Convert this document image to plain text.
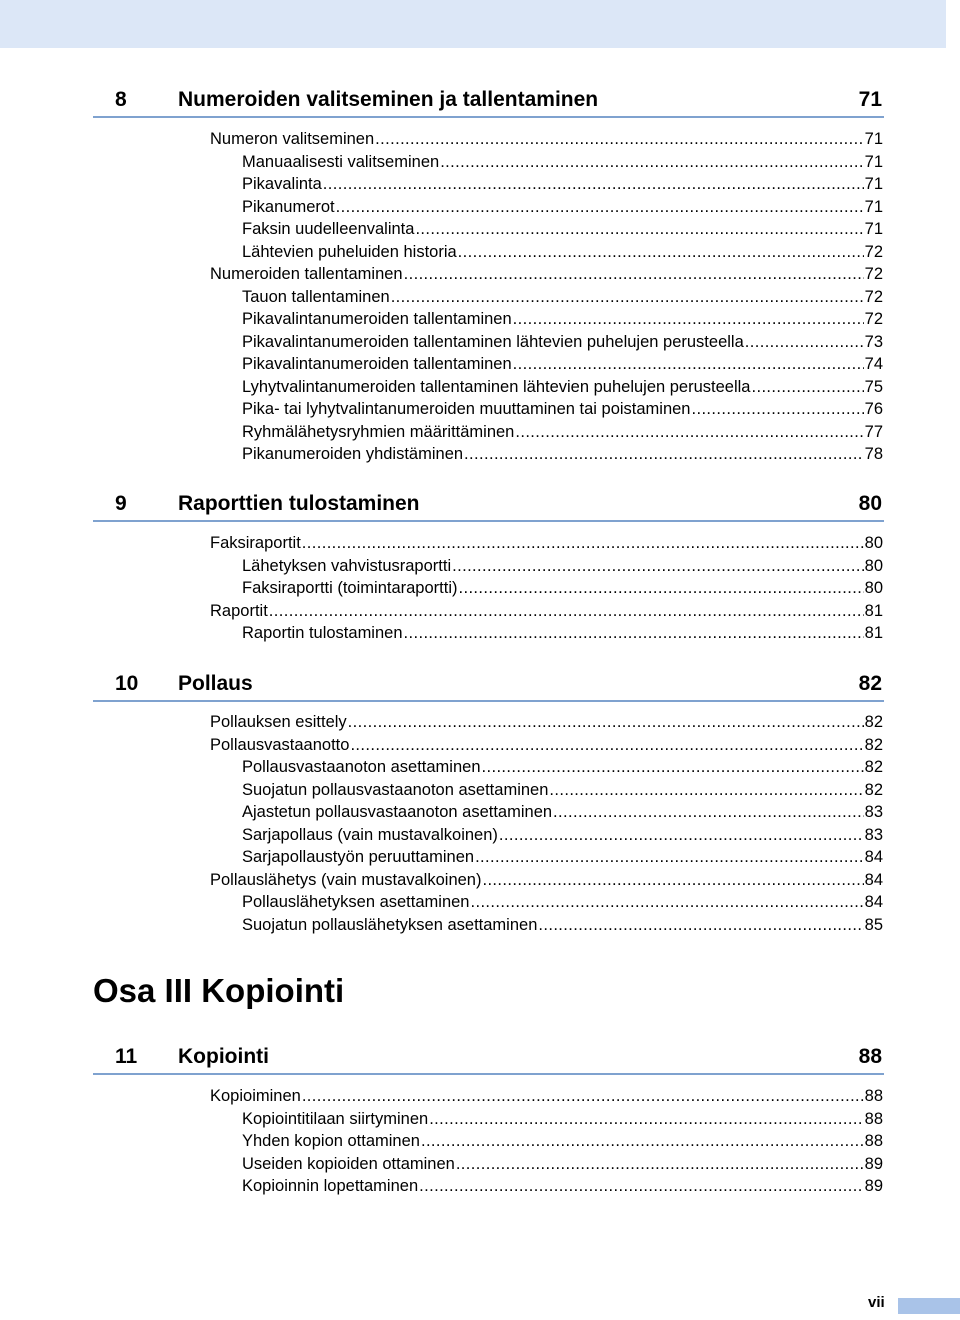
8 Numeroiden valitseminen ja tallentaminen	71
Numeron valitseminen .....	71
Manuaalisesti valitseminen .....	71
Pikavalinta .....	71
Pikanumerot .....	71
Faksin uudelleenvalinta .....	71
Lähtevien puheluiden historia .....	72
Numeroiden tallentaminen .....	72
Tauon tallentaminen .....	72
Pikavalintanumeroiden tallentaminen .....	72
Pikavalintanumeroiden tallentaminen lähtevien puhelujen perusteella .....	73
Pikavalintanumeroiden tallentaminen .....	74
Lyhytvalintanumeroiden tallentaminen lähtevien puhelujen perusteella .....	75
Pika- tai lyhytvalintanumeroiden muuttaminen tai poistaminen .....	76
Ryhmälähetysryhmien määrittäminen .....	77
Pikanumeroiden yhdistäminen .....	78
9 Raporttien tulostaminen	80
Faksiraportit .....	80
Lähetyksen vahvistusraportti .....	80
Faksiraportti (toimintaraportti) .....	80
Raportit .....	81
Raportin tulostaminen .....	81
10 Pollaus	82
Pollauksen esittely .....	82
Pollausvastaanotto .....	82
Pollausvastaanoton asettaminen .....	82
Suojatun pollausvastaanoton asettaminen .....	82
Ajastetun pollausvastaanoton asettaminen .....	83
Sarjapollaus (vain mustavalkoinen) .....	83
Sarjapollaustyön peruuttaminen .....	84
Pollauslähetys (vain mustavalkoinen) .....	84
Pollauslähetyksen asettaminen .....	84
Suojatun pollauslähetyksen asettaminen .....	85
Osa III Kopiointi
11 Kopiointi	88
Kopioiminen .....	88
Kopiointitilaan siirtyminen .....	88
Yhden kopion ottaminen .....	88
Useiden kopioiden ottaminen .....	89
Kopioinnin lopettaminen .....	89
vii
